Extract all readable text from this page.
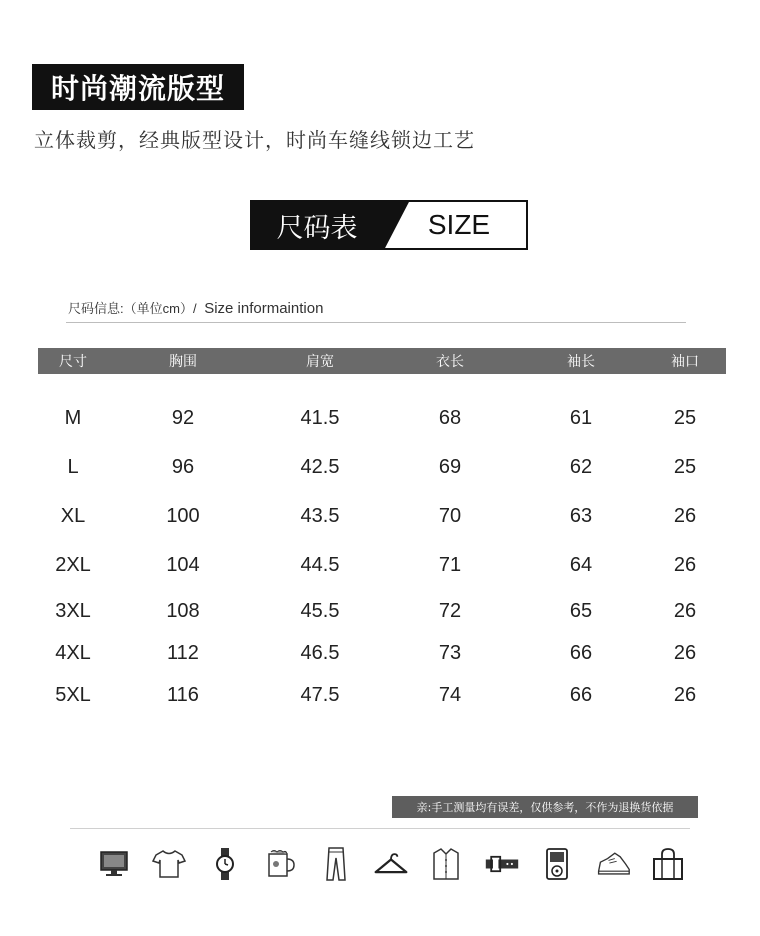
时尚潮流版型
立体裁剪，经典版型设计，时尚车缝线锁边工艺
尺码表	SIZE
尺码信息:（单位cm）/ Size informaintion
尺寸	胸围	肩宽	衣长	袖长	袖口
M	92	41.5	68	61	25
L	96	42.5	69	62	25
XL	100	43.5	70	63	26
2XL	104	44.5	71	64	26
3XL	108	45.5	72	65	26
4XL	112	46.5	73	66	26
5XL	116	47.5	74	66	26
亲:手工测量均有误差，仅供参考，不作为退换货依据
